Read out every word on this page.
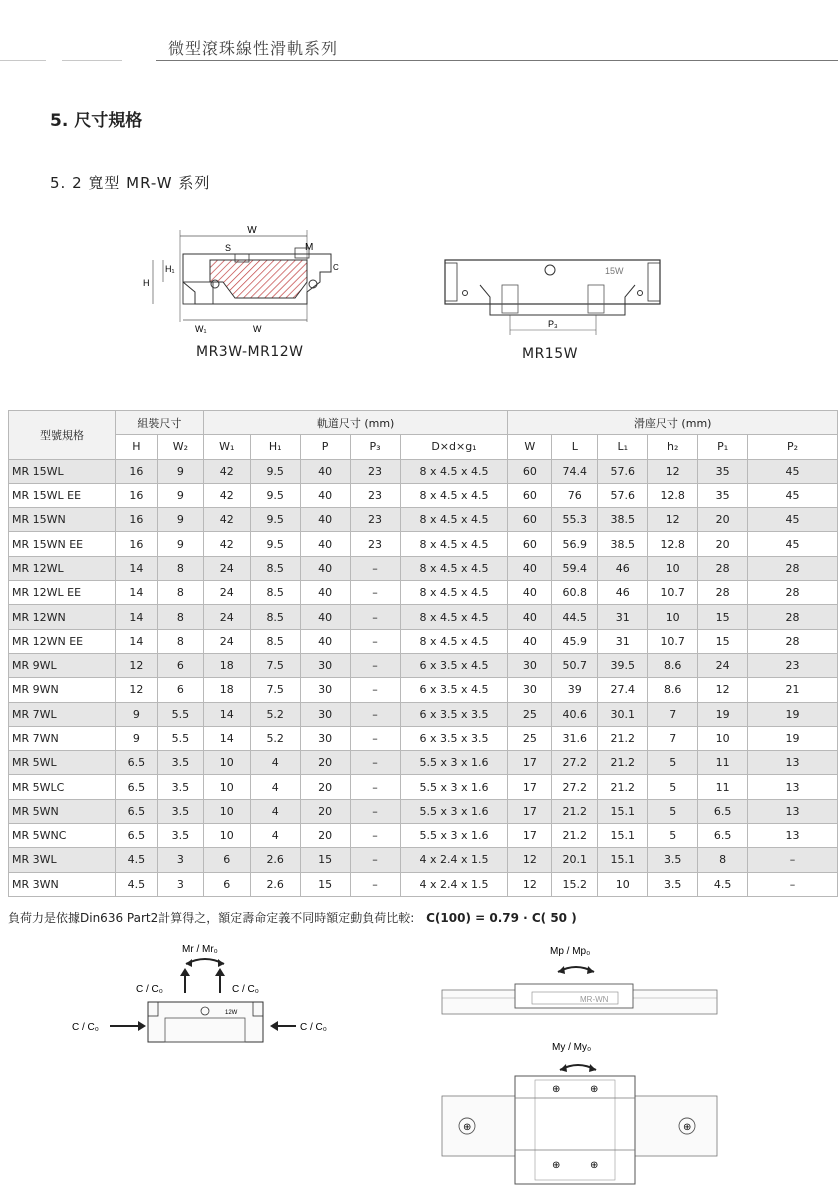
微型滾珠線性滑軌系列
5. 尺寸規格
5. 2 寬型 MR-W 系列
W
S	M
H
H₁
W₁	W
C
MR3W-MR12W
15W
P₃
MR15W
型號規格	組裝尺寸		軌道尺寸 (mm)					滑座尺寸 (mm)					
	H	W₂	W₁	H₁	P	P₃	D×d×g₁	W	L	L₁	h₂	P₁	P₂
MR 15WL	16	9	42	9.5	40	23	8 x 4.5 x 4.5	60	74.4	57.6	12	35	45
MR 15WL EE	16	9	42	9.5	40	23	8 x 4.5 x 4.5	60	76	57.6	12.8	35	45
MR 15WN	16	9	42	9.5	40	23	8 x 4.5 x 4.5	60	55.3	38.5	12	20	45
MR 15WN EE	16	9	42	9.5	40	23	8 x 4.5 x 4.5	60	56.9	38.5	12.8	20	45
MR 12WL	14	8	24	8.5	40	–	8 x 4.5 x 4.5	40	59.4	46	10	28	28
MR 12WL EE	14	8	24	8.5	40	–	8 x 4.5 x 4.5	40	60.8	46	10.7	28	28
MR 12WN	14	8	24	8.5	40	–	8 x 4.5 x 4.5	40	44.5	31	10	15	28
MR 12WN EE	14	8	24	8.5	40	–	8 x 4.5 x 4.5	40	45.9	31	10.7	15	28
MR 9WL	12	6	18	7.5	30	–	6 x 3.5 x 4.5	30	50.7	39.5	8.6	24	23
MR 9WN	12	6	18	7.5	30	–	6 x 3.5 x 4.5	30	39	27.4	8.6	12	21
MR 7WL	9	5.5	14	5.2	30	–	6 x 3.5 x 3.5	25	40.6	30.1	7	19	19
MR 7WN	9	5.5	14	5.2	30	–	6 x 3.5 x 3.5	25	31.6	21.2	7	10	19
MR 5WL	6.5	3.5	10	4	20	–	5.5 x 3 x 1.6	17	27.2	21.2	5	11	13
MR 5WLC	6.5	3.5	10	4	20	–	5.5 x 3 x 1.6	17	27.2	21.2	5	11	13
MR 5WN	6.5	3.5	10	4	20	–	5.5 x 3 x 1.6	17	21.2	15.1	5	6.5	13
MR 5WNC	6.5	3.5	10	4	20	–	5.5 x 3 x 1.6	17	21.2	15.1	5	6.5	13
MR 3WL	4.5	3	6	2.6	15	–	4 x 2.4 x 1.5	12	20.1	15.1	3.5	8	–
MR 3WN	4.5	3	6	2.6	15	–	4 x 2.4 x 1.5	12	15.2	10	3.5	4.5	–
負荷力是依據Din636 Part2計算得之，額定壽命定義不同時額定動負荷比較: C(100) = 0.79 · C( 50 )
Mr / Mr₀
C / C₀	C / C₀
12W
C / C₀	C / C₀
Mp / Mp₀
MR-WN
My / My₀
⊕	⊕
⊕	⊕
⊕	⊕
